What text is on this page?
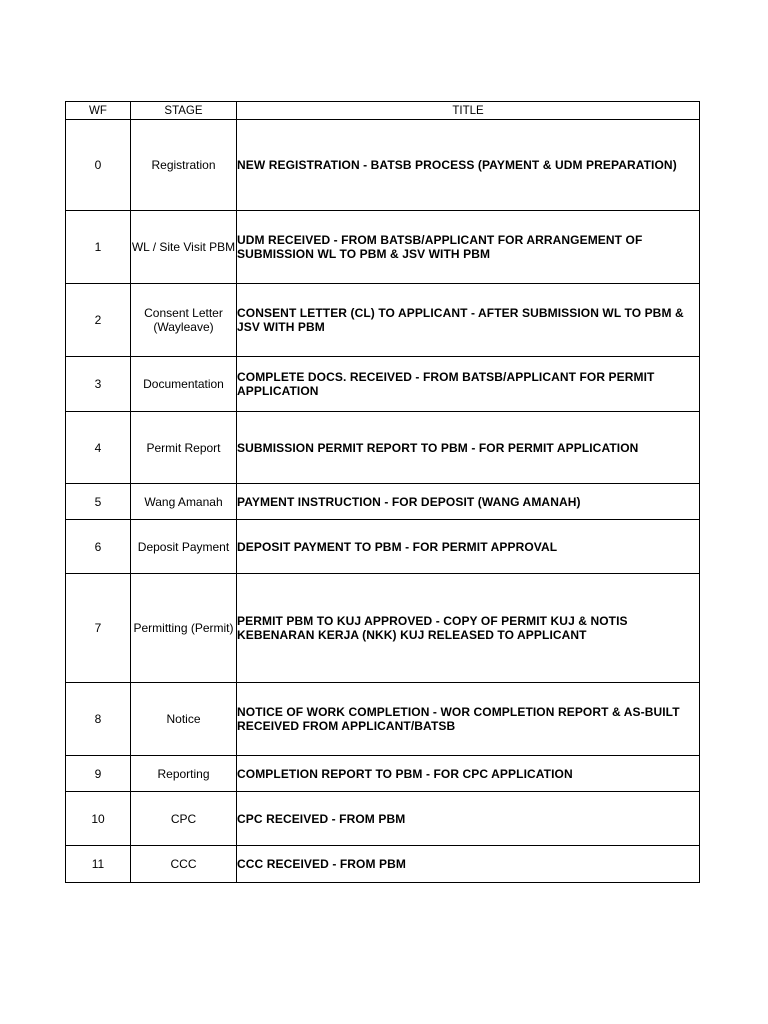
WF	STAGE	TITLE
0	Registration	NEW REGISTRATION - BATSB PROCESS (PAYMENT & UDM PREPARATION)
1	WL / Site Visit PBM	UDM RECEIVED - FROM BATSB/APPLICANT FOR ARRANGEMENT OF SUBMISSION WL TO PBM & JSV WITH PBM
2	Consent Letter (Wayleave)	CONSENT LETTER (CL) TO APPLICANT - AFTER SUBMISSION WL TO PBM & JSV WITH PBM
3	Documentation	COMPLETE DOCS. RECEIVED - FROM BATSB/APPLICANT FOR PERMIT APPLICATION
4	Permit Report	SUBMISSION PERMIT REPORT TO PBM - FOR PERMIT APPLICATION
5	Wang Amanah	PAYMENT INSTRUCTION - FOR DEPOSIT (WANG AMANAH)
6	Deposit Payment	DEPOSIT PAYMENT TO PBM - FOR PERMIT APPROVAL
7	Permitting (Permit)	PERMIT PBM TO KUJ APPROVED - COPY OF PERMIT KUJ & NOTIS KEBENARAN KERJA (NKK) KUJ RELEASED TO APPLICANT
8	Notice	NOTICE OF WORK COMPLETION - WOR COMPLETION REPORT & AS-BUILT RECEIVED FROM APPLICANT/BATSB
9	Reporting	COMPLETION REPORT TO PBM - FOR CPC APPLICATION
10	CPC	CPC RECEIVED - FROM PBM
11	CCC	CCC RECEIVED - FROM PBM
